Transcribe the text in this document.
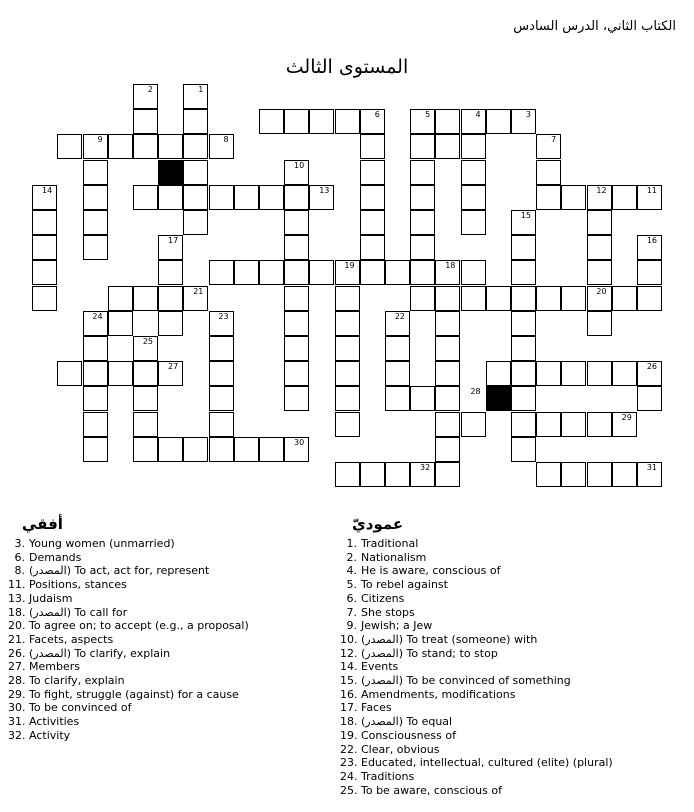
الكتاب الثاني، الدرس السادس
المستوى الثالث
1
2
3
4
5
6
7
8
9
10
11
12
13
14
15
16
17
18
19
20
21
22
23
24
25
26
27
28
29
30
31
32
أفقي
3. Young women (unmarried)
6. Demands
8. (المصدر) To act, act for, represent
11. Positions, stances
13. Judaism
18. (المصدر) To call for
20. To agree on; to accept (e.g., a proposal)
21. Facets, aspects
26. (المصدر) To clarify, explain
27. Members
28. To clarify, explain
29. To fight, struggle (against) for a cause
30. To be convinced of
31. Activities
32. Activity
عموديّ
1. Traditional
2. Nationalism
4. He is aware, conscious of
5. To rebel against
6. Citizens
7. She stops
9. Jewish; a Jew
10. (المصدر) To treat (someone) with
12. (المصدر) To stand; to stop
14. Events
15. (المصدر) To be convinced of something
16. Amendments, modifications
17. Faces
18. (المصدر) To equal
19. Consciousness of
22. Clear, obvious
23. Educated, intellectual, cultured (elite) (plural)
24. Traditions
25. To be aware, conscious of
